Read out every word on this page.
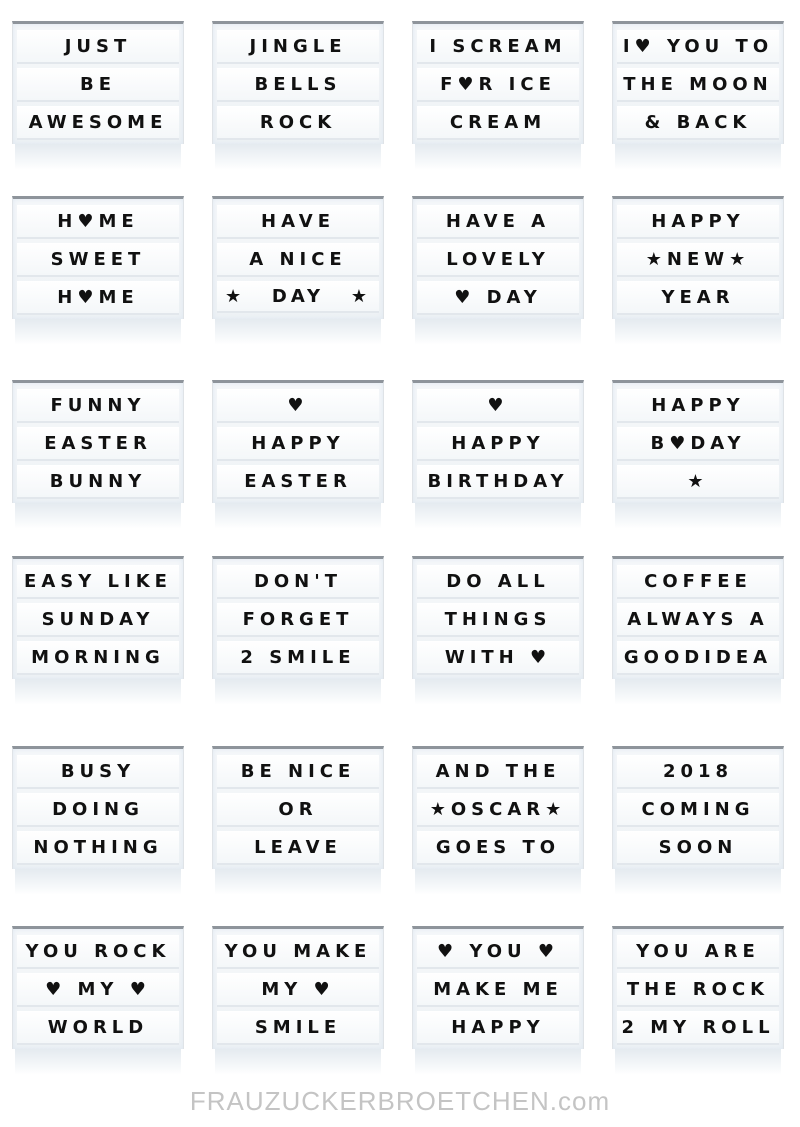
JUST
BE
AWESOME
JINGLE
BELLS
ROCK
I SCREAM
F♥R ICE
CREAM
I♥ YOU TO
THE MOON
& BACK
H♥ME
SWEET
H♥ME
HAVE
A NICE
★ DAY ★
HAVE A
LOVELY
♥ DAY
HAPPY
★NEW★
YEAR
FUNNY
EASTER
BUNNY
♥
HAPPY
EASTER
♥
HAPPY
BIRTHDAY
HAPPY
B♥DAY
★
EASY LIKE
SUNDAY
MORNING
DON'T
FORGET
2 SMILE
DO ALL
THINGS
WITH ♥
COFFEE
ALWAYS A
GOODIDEA
BUSY
DOING
NOTHING
BE NICE
OR
LEAVE
AND THE
★OSCAR★
GOES TO
2018
COMING
SOON
YOU ROCK
♥ MY ♥
WORLD
YOU MAKE
MY ♥
SMILE
♥ YOU ♥
MAKE ME
HAPPY
YOU ARE
THE ROCK
2 MY ROLL
FRAUZUCKERBROETCHEN.com
